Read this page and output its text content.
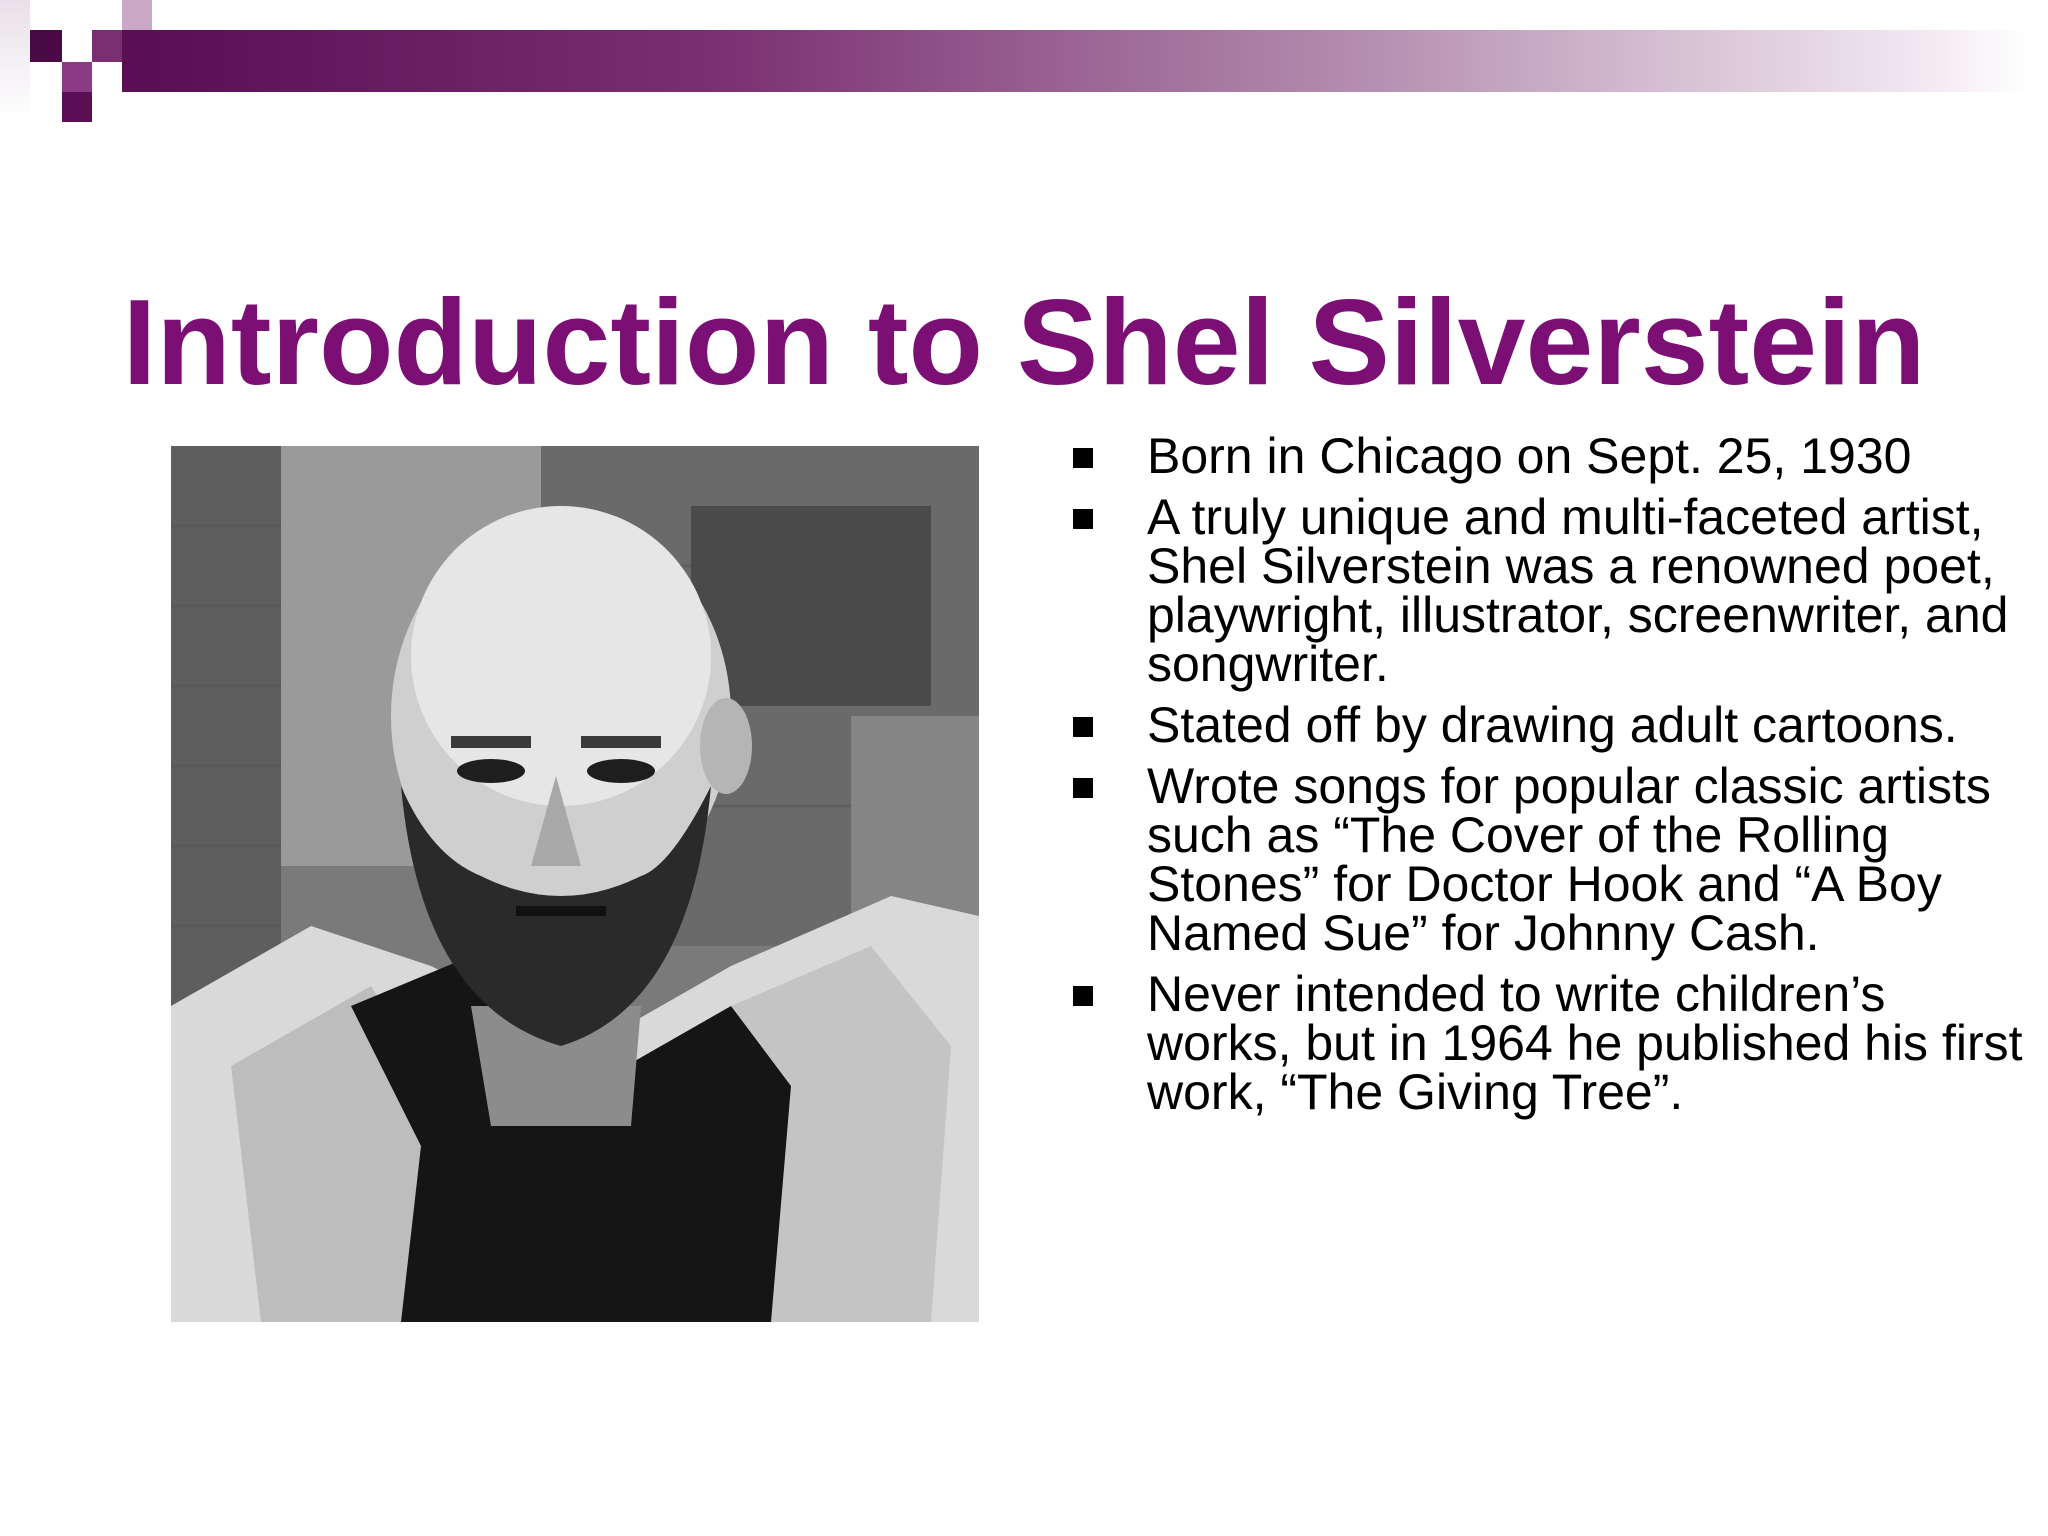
Introduction to Shel Silverstein
Born in Chicago on Sept. 25, 1930
A truly unique and multi-faceted artist, Shel Silverstein was a renowned poet, playwright, illustrator, screenwriter, and songwriter.
Stated off by drawing adult cartoons.
Wrote songs for popular classic artists such as “The Cover of the Rolling Stones” for Doctor Hook and “A Boy Named Sue” for Johnny Cash.
Never intended to write children’s works, but in 1964 he published his first work, “The Giving Tree”.
